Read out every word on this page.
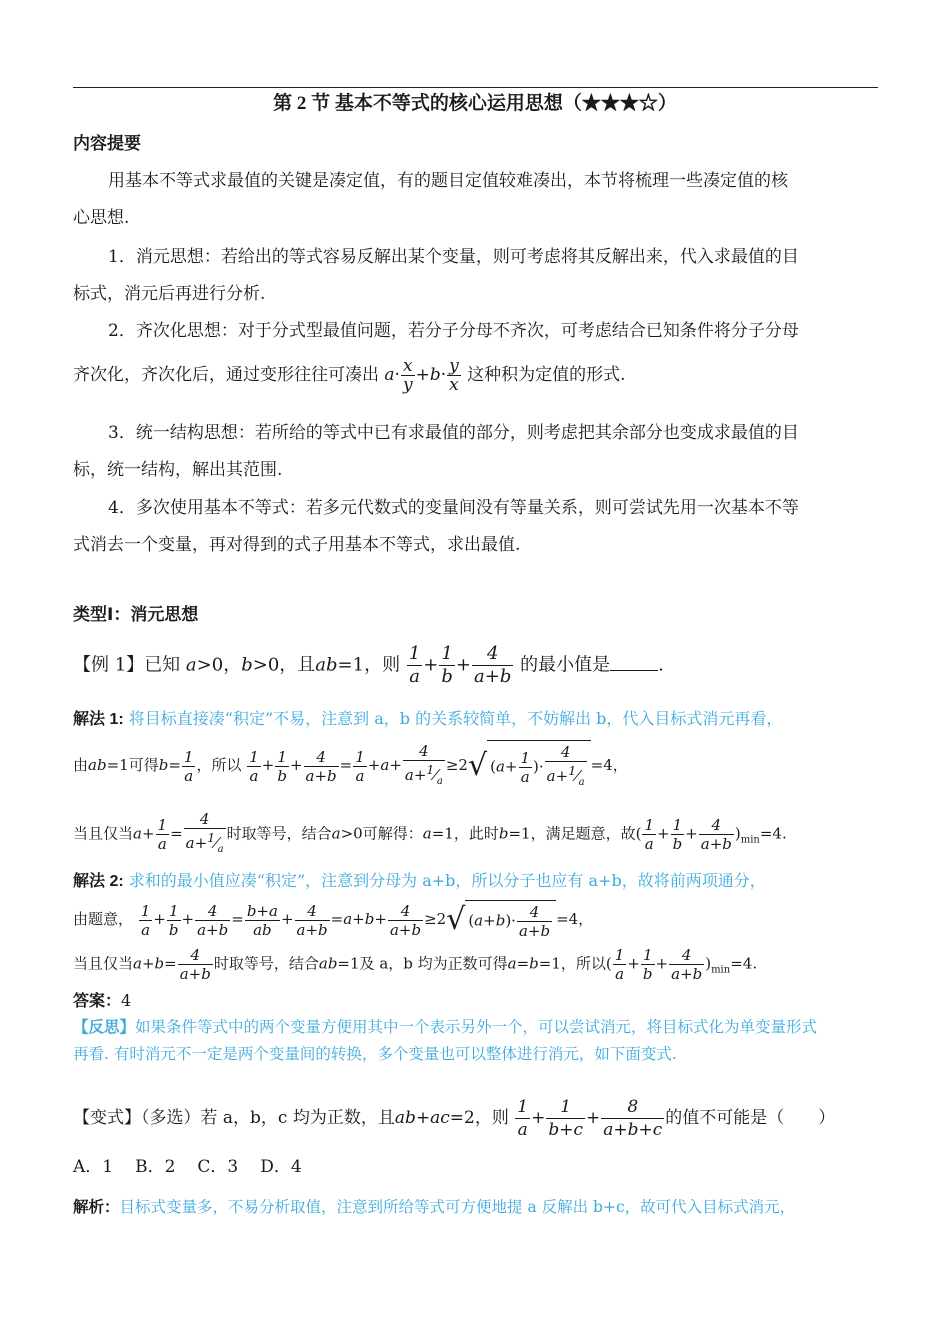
第 2 节 基本不等式的核心运用思想（★★★☆）
内容提要
用基本不等式求最值的关键是凑定值，有的题目定值较难凑出，本节将梳理一些凑定值的核
心思想.
1．消元思想：若给出的等式容易反解出某个变量，则可考虑将其反解出来，代入求最值的目
标式，消元后再进行分析.
2．齐次化思想：对于分式型最值问题，若分子分母不齐次，可考虑结合已知条件将分子分母
齐次化，齐次化后，通过变形往往可凑出 $a\cdot \frac{x}{y} +b\cdot \frac{y}{x}$ 这种积为定值的形式.
3．统一结构思想：若所给的等式中已有求最值的部分，则考虑把其余部分也变成求最值的目
标，统一结构，解出其范围.
4．多次使用基本不等式：若多元代数式的变量间没有等量关系，则可尝试先用一次基本不等
式消去一个变量，再对得到的式子用基本不等式，求出最值.
类型Ⅰ：消元思想
【例 1】已知 a>0，b>0，且ab=1，则 $\frac{1}{a} + \frac{1}{b} + \frac{4}{a+b}$ 的最小值是	.
解法 1: 将目标直接凑“积定”不易，注意到 a，b 的关系较简单，不妨解出 b，代入目标式消元再看，
由ab=1可得$b= \frac{1}{a}$ ，所以 $\frac{1}{a} + \frac{1}{b} + \frac{4}{a+b} = \frac{1}{a} +a+ \frac{4}{a+^1⁄_a} \ge 2√$ ($a+ \frac{1}{a}$ )· $\frac{4}{a+^1⁄_a} =4$，
当且仅当$a+ \frac{1}{a} = \frac{4}{a+^1⁄_a}$ 时取等号，结合a>0可解得：a=1，此时b=1，满足题意，故( $\frac{1}{a} + \frac{1}{b} + \frac{4}{a+b} )_{min}=4$.
解法 2: 求和的最小值应凑“积定”，注意到分母为 a+b，所以分子也应有 a+b，故将前两项通分，
由题意， $\frac{1}{a} + \frac{1}{b} + \frac{4}{a+b} = \frac{b+a}{ab} + \frac{4}{a+b} =a+b+ \frac{4}{a+b} \ge 2√$ $(a+b)\cdot \frac{4}{a+b} =4$，
当且仅当$a+b= \frac{4}{a+b}$ 时取等号，结合ab=1及 a，b 均为正数可得a=b=1，所以( $\frac{1}{a} + \frac{1}{b} + \frac{4}{a+b} )_{min}=4$.
答案：4
【反思】如果条件等式中的两个变量方便用其中一个表示另外一个，可以尝试消元，将目标式化为单变量形式
再看. 有时消元不一定是两个变量间的转换，多个变量也可以整体进行消元，如下面变式.
【变式】（多选）若 a，b，c 均为正数，且ab+ac=2，则 $\frac{1}{a} + \frac{1}{b+c} + \frac{8}{a+b+c}$ 的值不可能是（　　）
A．1 B．2 C．3 D．4
解析：目标式变量多，不易分析取值，注意到所给等式可方便地提 a 反解出 b+c，故可代入目标式消元，
